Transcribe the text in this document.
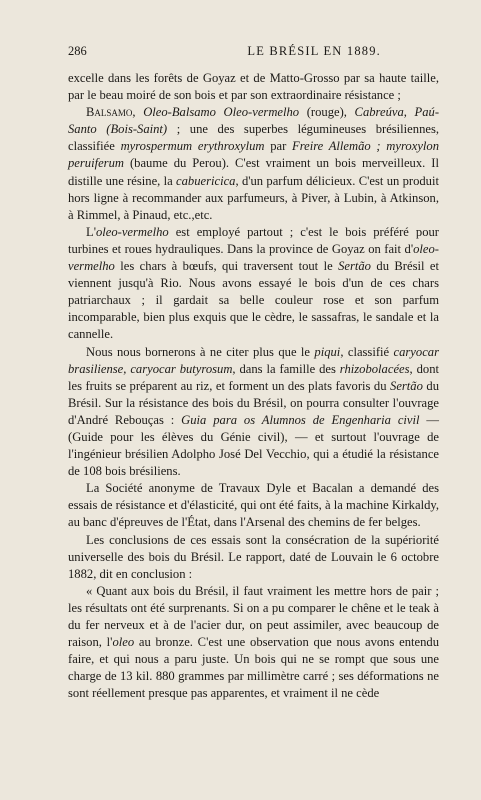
286	LE BRÉSIL EN 1889.

excelle dans les forêts de Goyaz et de Matto-Grosso par sa haute taille, par le beau moiré de son bois et par son extraordinaire résistance ;

Balsamo, Oleo-Balsamo Oleo-vermelho (rouge), Cabreúva, Paú-Santo (Bois-Saint) ; une des superbes légumineuses brésiliennes, classifiée myrospermum erythroxylum par Freire Allemão ; myroxylon peruiferum (baume du Perou). C'est vraiment un bois merveilleux. Il distille une résine, la cabuericica, d'un parfum délicieux. C'est un produit hors ligne à recommander aux parfumeurs, à Piver, à Lubin, à Atkinson, à Rimmel, à Pinaud, etc.,etc.

L'oleo-vermelho est employé partout ; c'est le bois préféré pour turbines et roues hydrauliques. Dans la province de Goyaz on fait d'oleo-vermelho les chars à bœufs, qui traversent tout le Sertão du Brésil et viennent jusqu'à Rio. Nous avons essayé le bois d'un de ces chars patriarchaux ; il gardait sa belle couleur rose et son parfum incomparable, bien plus exquis que le cèdre, le sassafras, le sandale et la cannelle.

Nous nous bornerons à ne citer plus que le piqui, classifié caryocar brasiliense, caryocar butyrosum, dans la famille des rhizobolacées, dont les fruits se préparent au riz, et forment un des plats favoris du Sertão du Brésil. Sur la résistance des bois du Brésil, on pourra consulter l'ouvrage d'André Rebouças : Guia para os Alumnos de Engenharia civil — (Guide pour les élèves du Génie civil), — et surtout l'ouvrage de l'ingénieur brésilien Adolpho José Del Vecchio, qui a étudié la résistance de 108 bois brésiliens.

La Société anonyme de Travaux Dyle et Bacalan a demandé des essais de résistance et d'élasticité, qui ont été faits, à la machine Kirkaldy, au banc d'épreuves de l'État, dans l'Arsenal des chemins de fer belges.

Les conclusions de ces essais sont la consécration de la supériorité universelle des bois du Brésil. Le rapport, daté de Louvain le 6 octobre 1882, dit en conclusion :

« Quant aux bois du Brésil, il faut vraiment les mettre hors de pair ; les résultats ont été surprenants. Si on a pu comparer le chêne et le teak à du fer nerveux et à de l'acier dur, on peut assimiler, avec beaucoup de raison, l'oleo au bronze. C'est une observation que nous avons entendu faire, et qui nous a paru juste. Un bois qui ne se rompt que sous une charge de 13 kil. 880 grammes par millimètre carré ; ses déformations ne sont réellement presque pas apparentes, et vraiment il ne cède
